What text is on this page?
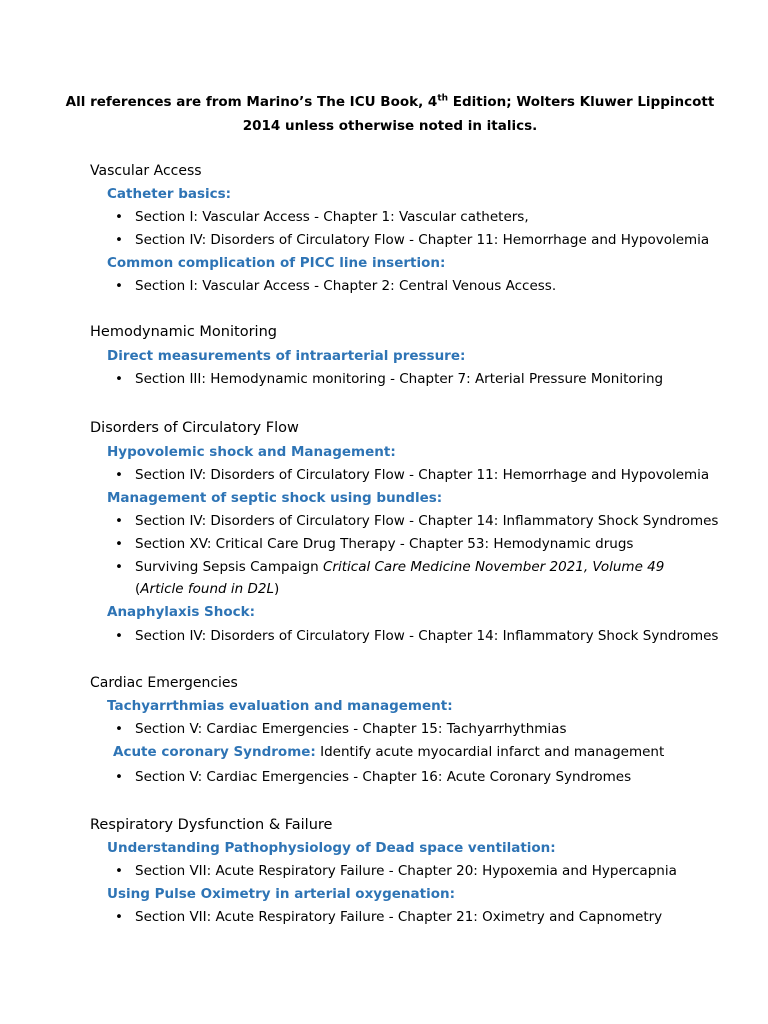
All references are from Marino’s The ICU Book, 4th Edition; Wolters Kluwer Lippincott
2014 unless otherwise noted in italics.
Vascular Access
Catheter basics:
• Section I: Vascular Access - Chapter 1: Vascular catheters,
• Section IV: Disorders of Circulatory Flow - Chapter 11: Hemorrhage and Hypovolemia
Common complication of PICC line insertion:
• Section I: Vascular Access - Chapter 2: Central Venous Access.
Hemodynamic Monitoring
Direct measurements of intraarterial pressure:
• Section III: Hemodynamic monitoring - Chapter 7: Arterial Pressure Monitoring
Disorders of Circulatory Flow
Hypovolemic shock and Management:
• Section IV: Disorders of Circulatory Flow - Chapter 11: Hemorrhage and Hypovolemia
Management of septic shock using bundles:
• Section IV: Disorders of Circulatory Flow - Chapter 14: Inflammatory Shock Syndromes
• Section XV: Critical Care Drug Therapy - Chapter 53: Hemodynamic drugs
• Surviving Sepsis Campaign Critical Care Medicine November 2021, Volume 49 (Article found in D2L)
Anaphylaxis Shock:
• Section IV: Disorders of Circulatory Flow - Chapter 14: Inflammatory Shock Syndromes
Cardiac Emergencies
Tachyarrthmias evaluation and management:
• Section V: Cardiac Emergencies - Chapter 15: Tachyarrhythmias
Acute coronary Syndrome: Identify acute myocardial infarct and management
• Section V: Cardiac Emergencies - Chapter 16: Acute Coronary Syndromes
Respiratory Dysfunction & Failure
Understanding Pathophysiology of Dead space ventilation:
• Section VII: Acute Respiratory Failure - Chapter 20: Hypoxemia and Hypercapnia
Using Pulse Oximetry in arterial oxygenation:
• Section VII: Acute Respiratory Failure - Chapter 21: Oximetry and Capnometry
